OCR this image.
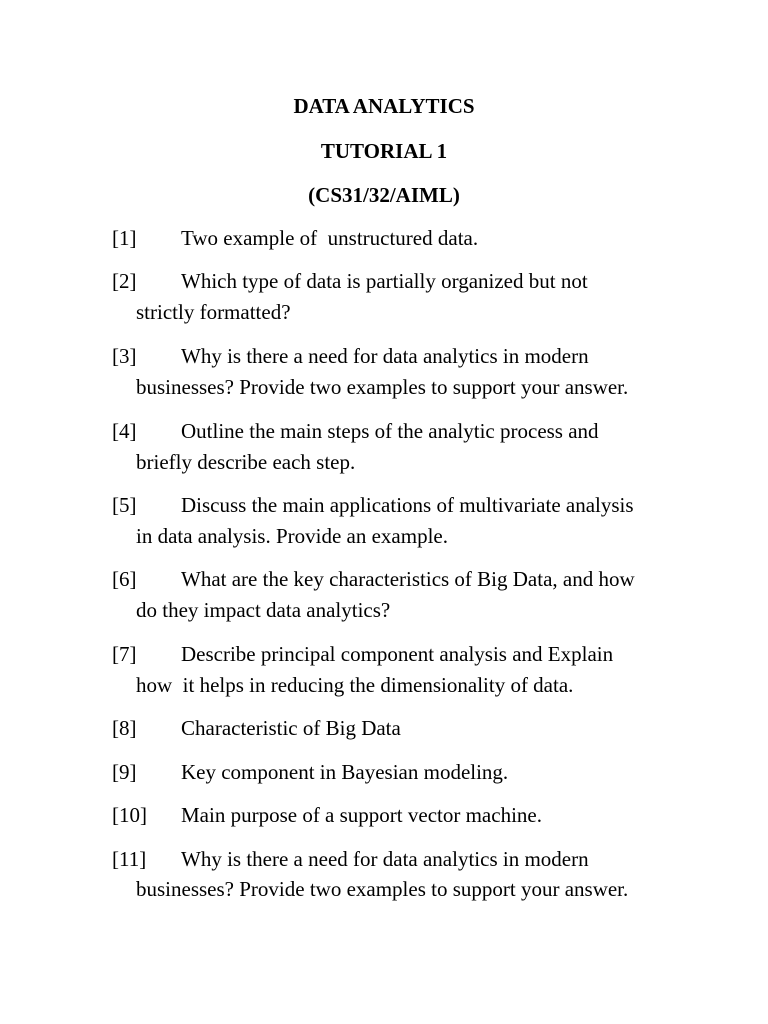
DATA ANALYTICS
TUTORIAL 1
(CS31/32/AIML)
[1] Two example of  unstructured data.
[2] Which type of data is partially organized but not
strictly formatted?
[3] Why is there a need for data analytics in modern
businesses? Provide two examples to support your answer.
[4] Outline the main steps of the analytic process and
briefly describe each step.
[5] Discuss the main applications of multivariate analysis
in data analysis. Provide an example.
[6] What are the key characteristics of Big Data, and how
do they impact data analytics?
[7] Describe principal component analysis and Explain
how  it helps in reducing the dimensionality of data.
[8] Characteristic of Big Data
[9] Key component in Bayesian modeling.
[10] Main purpose of a support vector machine.
[11] Why is there a need for data analytics in modern
businesses? Provide two examples to support your answer.
